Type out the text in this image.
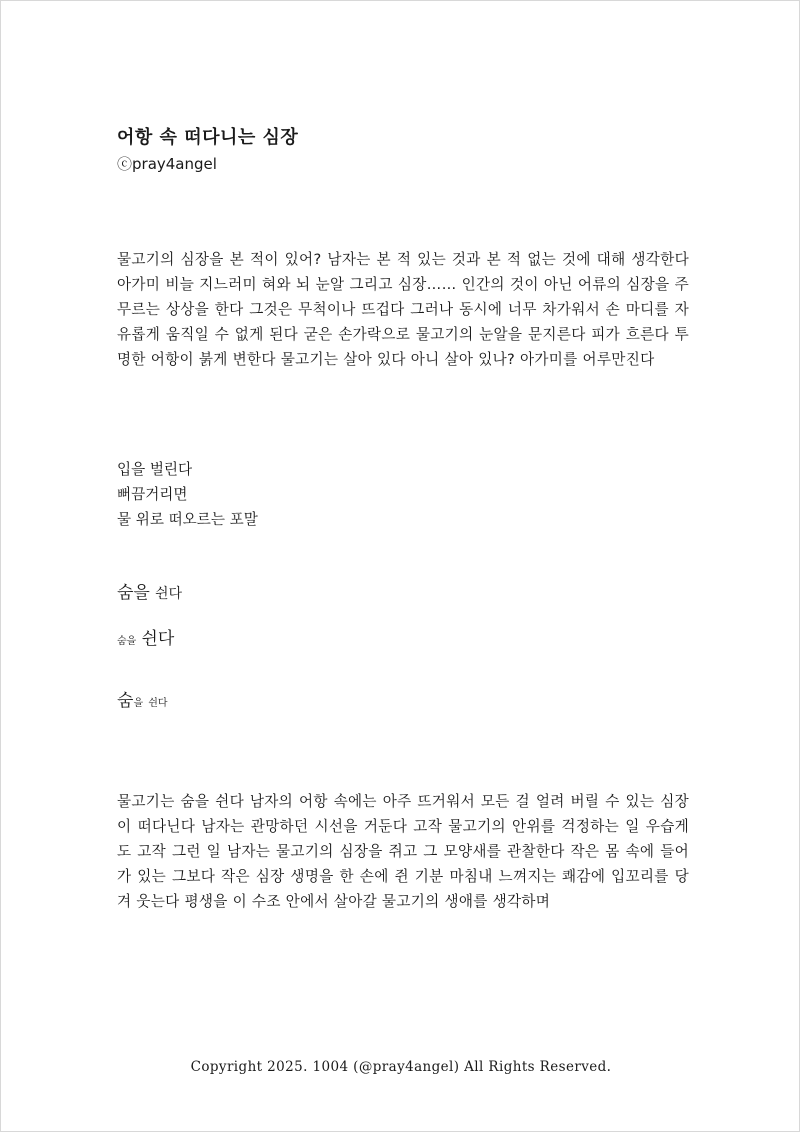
어항 속 떠다니는 심장

ⓒpray4angel

물고기의 심장을 본 적이 있어? 남자는 본 적 있는 것과 본 적 없는 것에 대해 생각한다 아가미 비늘 지느러미 혀와 뇌 눈알 그리고 심장…… 인간의 것이 아닌 어류의 심장을 주무르는 상상을 한다 그것은 무척이나 뜨겁다 그러나 동시에 너무 차가워서 손 마디를 자유롭게 움직일 수 없게 된다 굳은 손가락으로 물고기의 눈알을 문지른다 피가 흐른다 투명한 어항이 붉게 변한다 물고기는 살아 있다 아니 살아 있나? 아가미를 어루만진다

입을 벌린다
뻐끔거리면
물 위로 떠오르는 포말

숨을 쉰다

숨을 쉰다

숨을 쉰다

물고기는 숨을 쉰다 남자의 어항 속에는 아주 뜨거워서 모든 걸 얼려 버릴 수 있는 심장이 떠다닌다 남자는 관망하던 시선을 거둔다 고작 물고기의 안위를 걱정하는 일 우습게도 고작 그런 일 남자는 물고기의 심장을 쥐고 그 모양새를 관찰한다 작은 몸 속에 들어가 있는 그보다 작은 심장 생명을 한 손에 쥔 기분 마침내 느껴지는 쾌감에 입꼬리를 당겨 웃는다 평생을 이 수조 안에서 살아갈 물고기의 생애를 생각하며

Copyright 2025. 1004 (@pray4angel) All Rights Reserved.
